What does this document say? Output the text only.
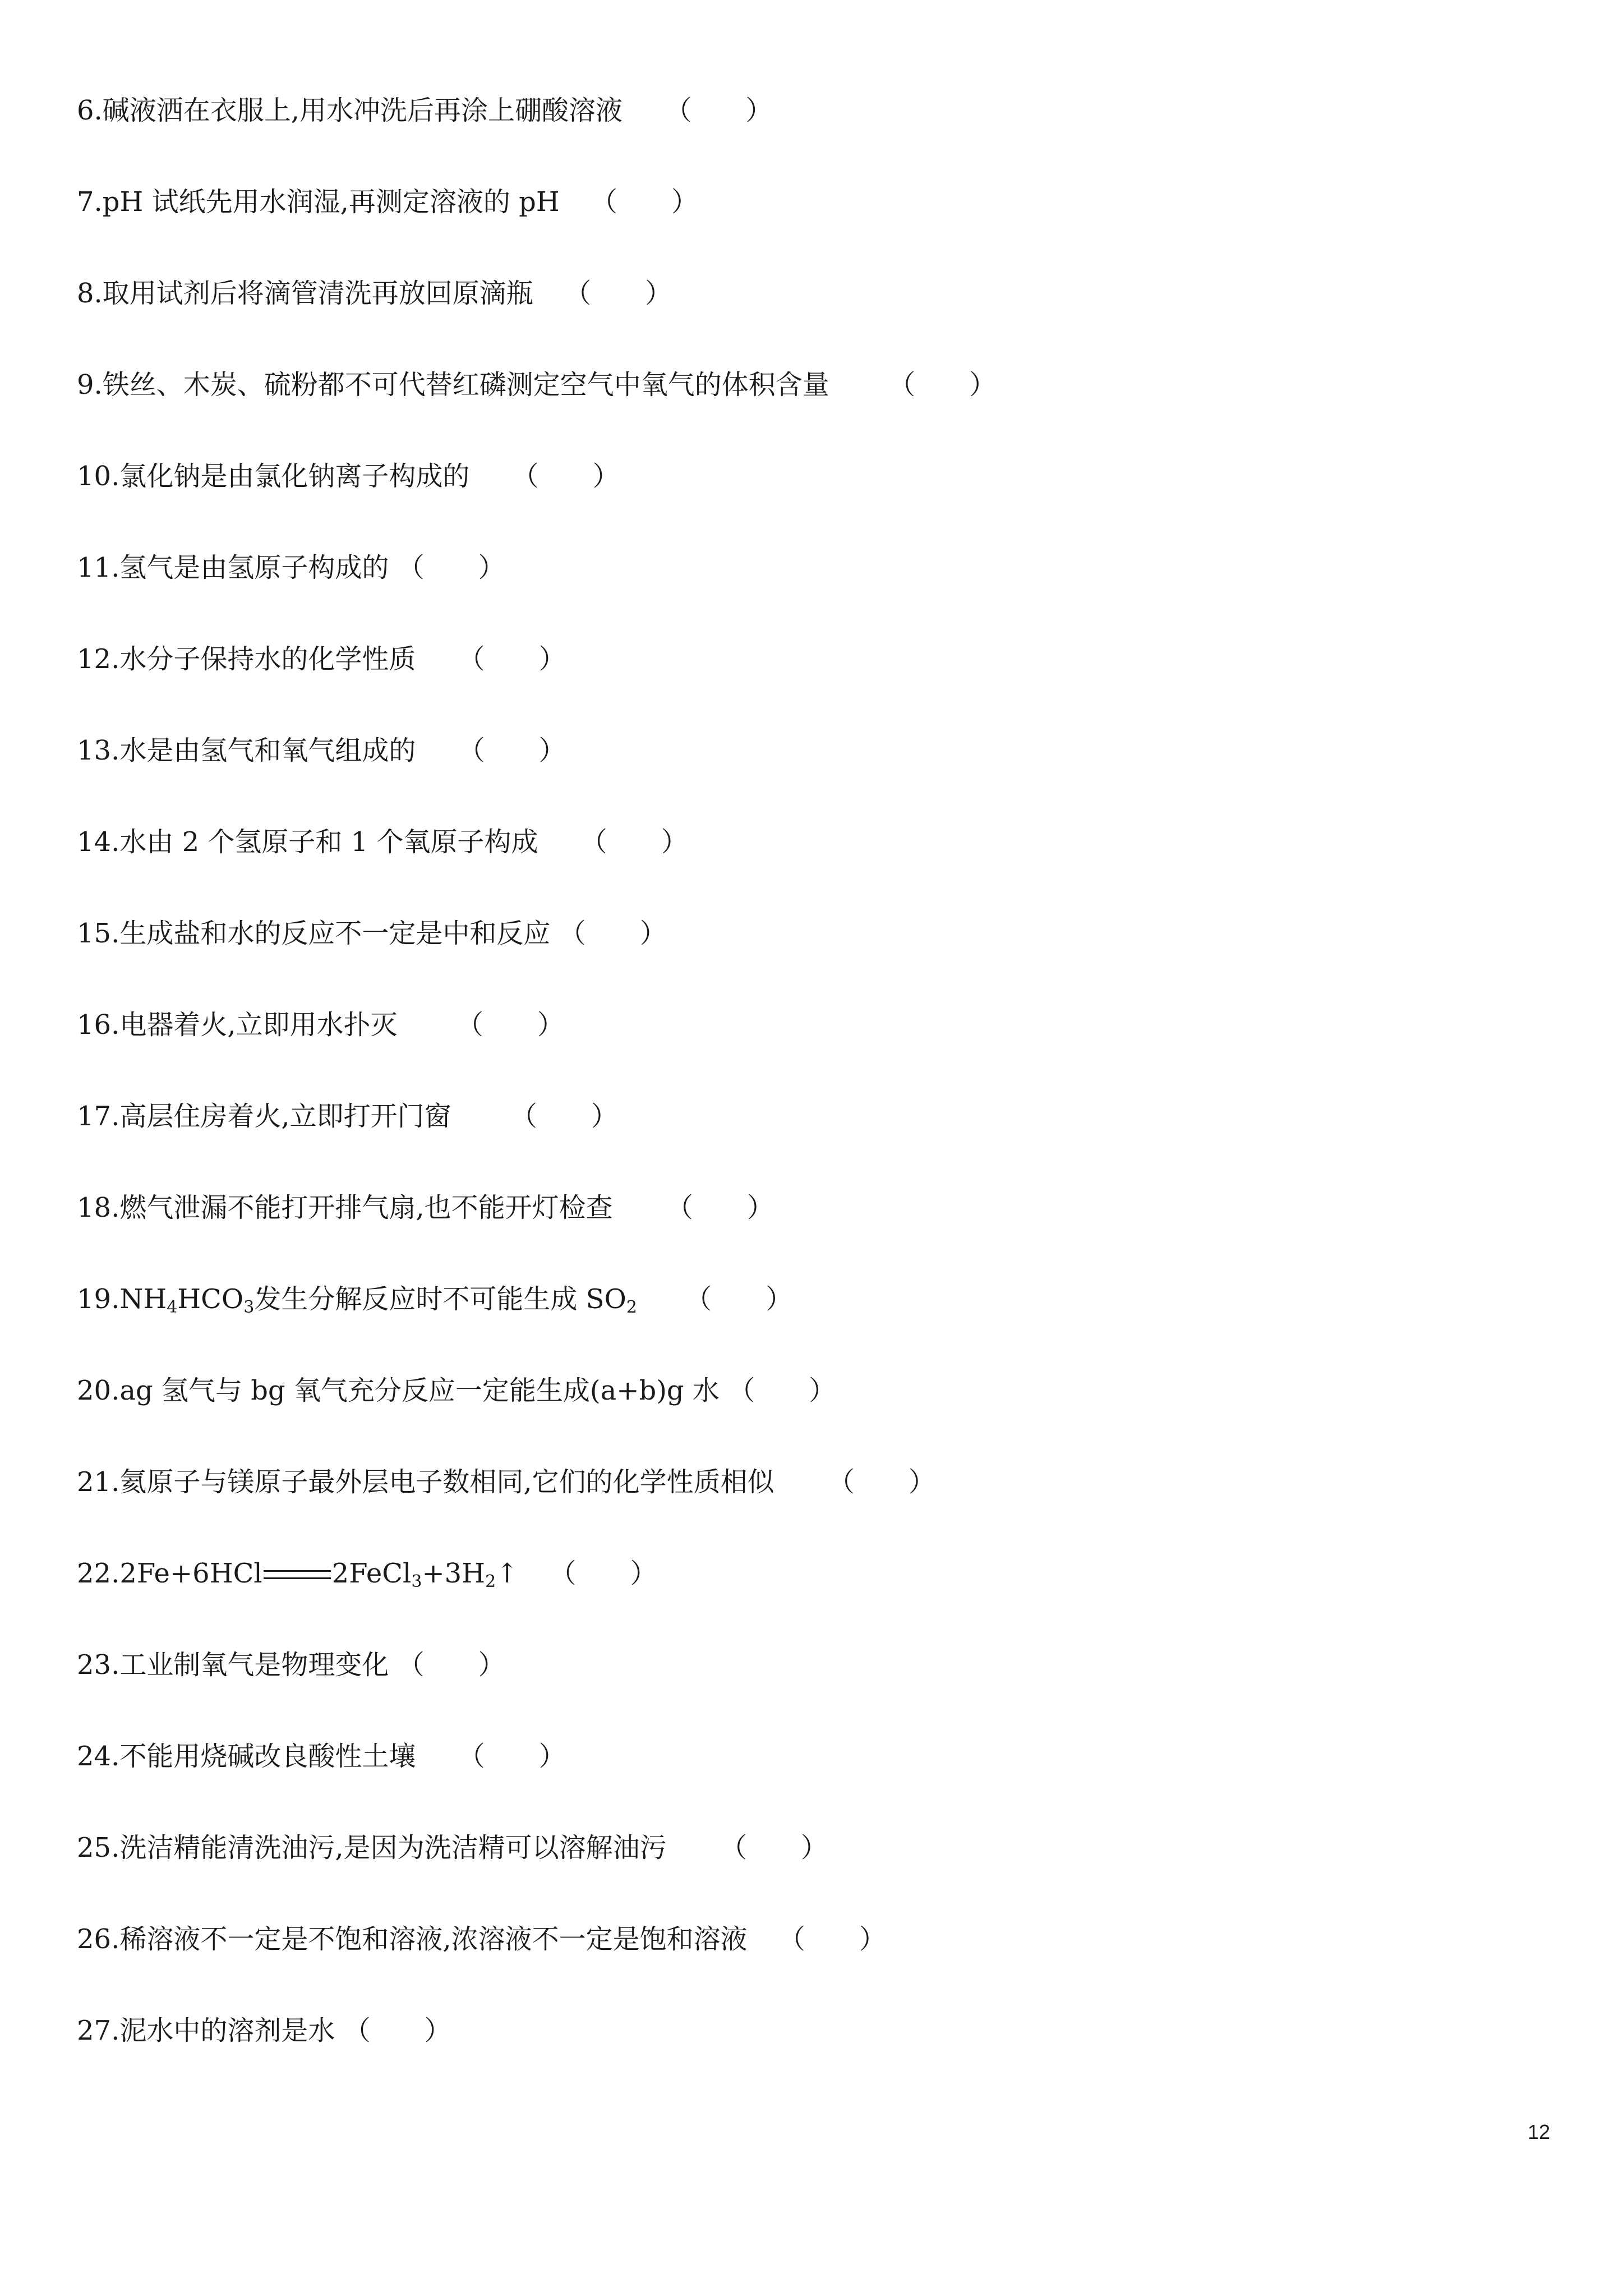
6.碱液洒在衣服上,用水冲洗后再涂上硼酸溶液 （　　）
7.pH 试纸先用水润湿,再测定溶液的 pH （　　）
8.取用试剂后将滴管清洗再放回原滴瓶 （　　）
9.铁丝、木炭、硫粉都不可代替红磷测定空气中氧气的体积含量 （　　）
10.氯化钠是由氯化钠离子构成的 （　　）
11.氢气是由氢原子构成的 （　　）
12.水分子保持水的化学性质 （　　）
13.水是由氢气和氧气组成的 （　　）
14.水由 2 个氢原子和 1 个氧原子构成 （　　）
15.生成盐和水的反应不一定是中和反应 （　　）
16.电器着火,立即用水扑灭 （　　）
17.高层住房着火,立即打开门窗 （　　）
18.燃气泄漏不能打开排气扇,也不能开灯检查 （　　）
$19.NH_4HCO_3$发生分解反应时不可能生成 $SO_2$ （　　）
20.ag 氢气与 bg 氧气充分反应一定能生成(a+b)g 水 （　　）
21.氦原子与镁原子最外层电子数相同,它们的化学性质相似 （　　）
22.2Fe+6HCl	$2FeCl_3+3H_2↑$ （　　）
23.工业制氧气是物理变化 （　　）
24.不能用烧碱改良酸性土壤 （　　）
25.洗洁精能清洗油污,是因为洗洁精可以溶解油污 （　　）
26.稀溶液不一定是不饱和溶液,浓溶液不一定是饱和溶液 （　　）
27.泥水中的溶剂是水 （　　）
12
